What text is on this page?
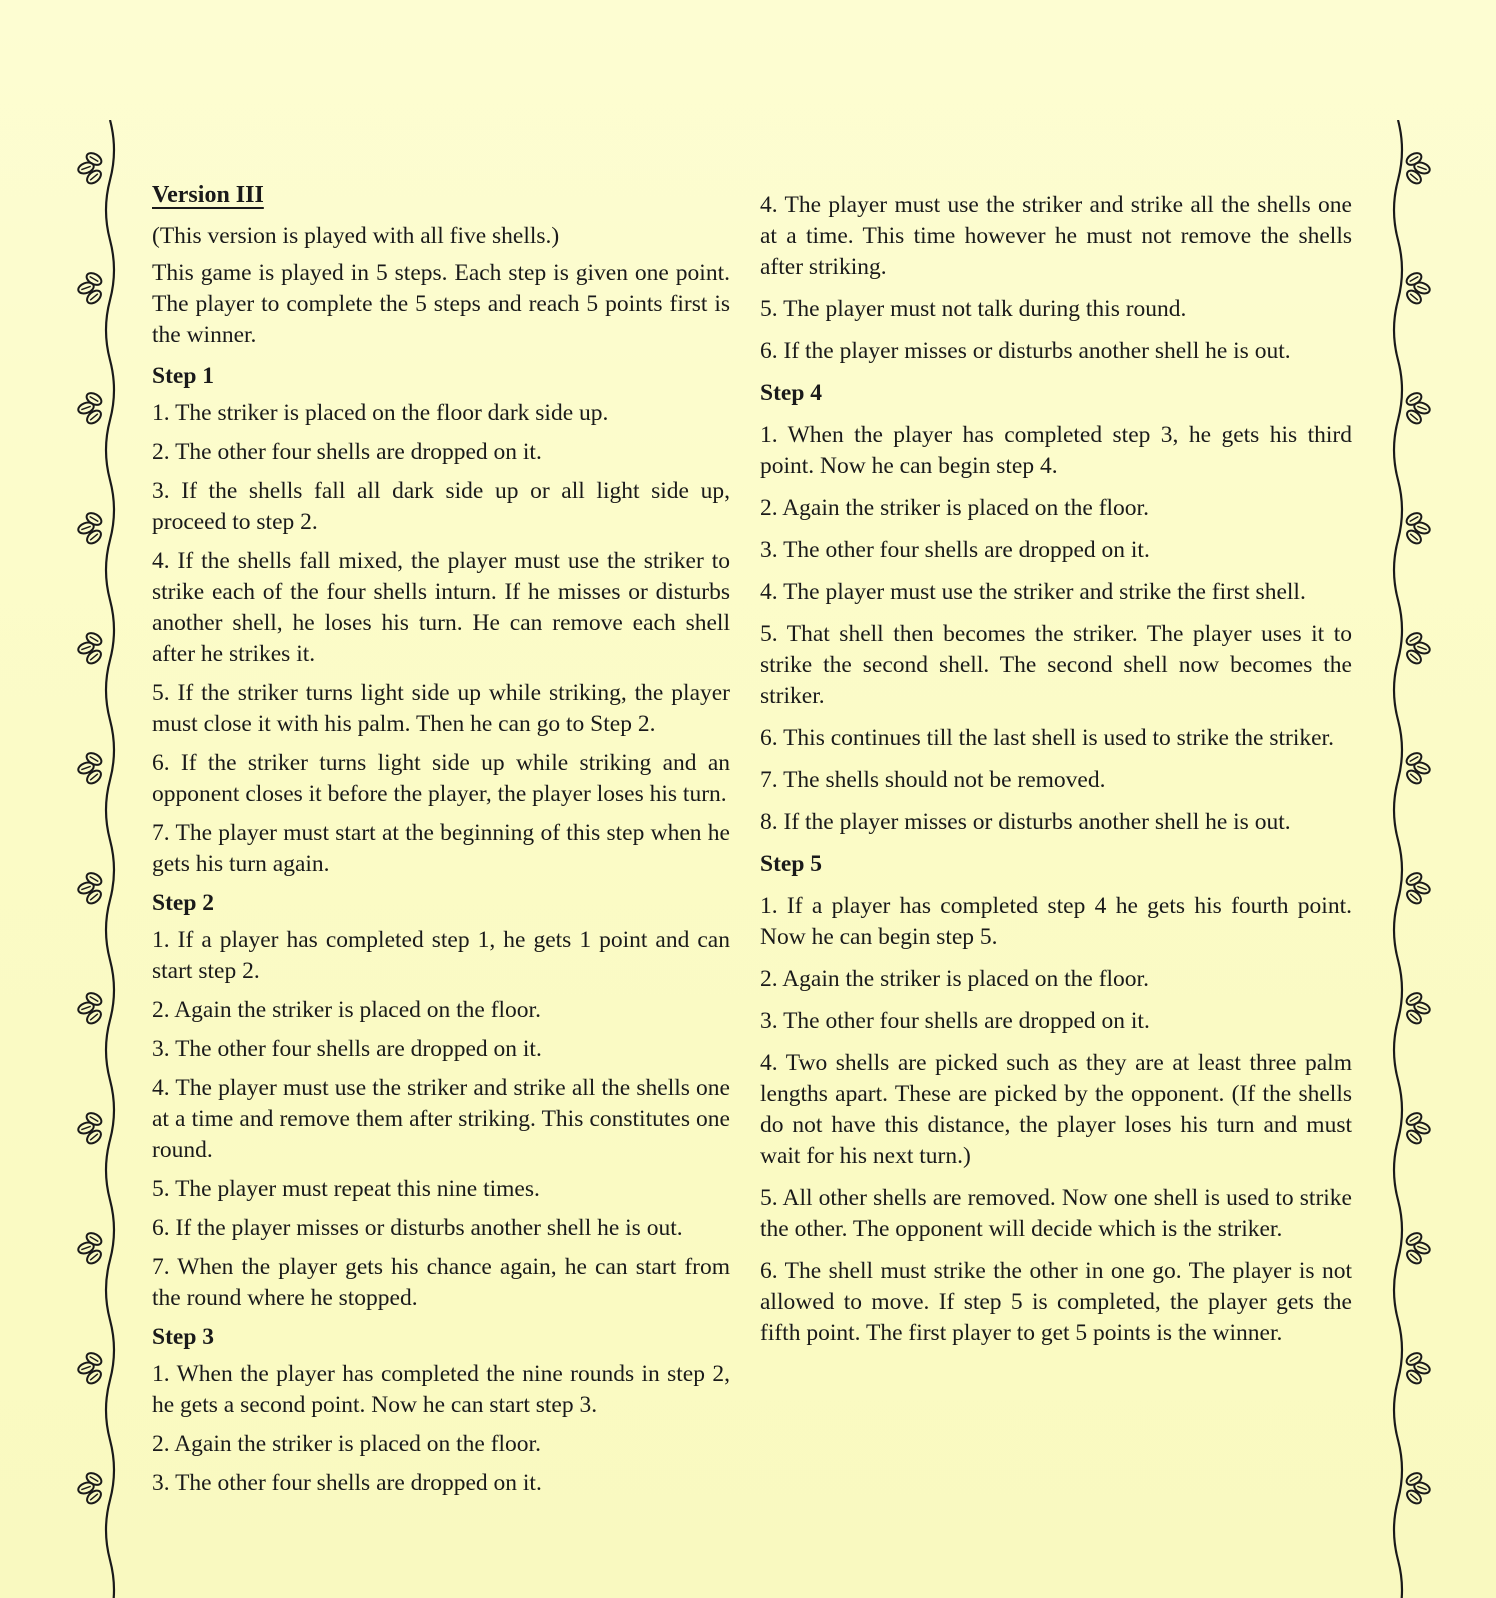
Version III

(This version is played with all five shells.)

This game is played in 5 steps. Each step is given one point. The player to complete the 5 steps and reach 5 points first is the winner.

Step 1

1. The striker is placed on the floor dark side up.

2. The other four shells are dropped on it.

3. If the shells fall all dark side up or all light side up, proceed to step 2.

4. If the shells fall mixed, the player must use the striker to strike each of the four shells inturn. If he misses or disturbs another shell, he loses his turn. He can remove each shell after he strikes it.

5. If the striker turns light side up while striking, the player must close it with his palm. Then he can go to Step 2.

6. If the striker turns light side up while striking and an opponent closes it before the player, the player loses his turn.

7. The player must start at the beginning of this step when he gets his turn again.

Step 2

1. If a player has completed step 1, he gets 1 point and can start step 2.

2. Again the striker is placed on the floor.

3. The other four shells are dropped on it.

4. The player must use the striker and strike all the shells one at a time and remove them after striking. This constitutes one round.

5. The player must repeat this nine times.

6. If the player misses or disturbs another shell he is out.

7. When the player gets his chance again, he can start from the round where he stopped.

Step 3

1. When the player has completed the nine rounds in step 2, he gets a second point. Now he can start step 3.

2. Again the striker is placed on the floor.

3. The other four shells are dropped on it.

4. The player must use the striker and strike all the shells one at a time. This time however he must not remove the shells after striking.

5. The player must not talk during this round.

6. If the player misses or disturbs another shell he is out.

Step 4

1. When the player has completed step 3, he gets his third point. Now he can begin step 4.

2. Again the striker is placed on the floor.

3. The other four shells are dropped on it.

4. The player must use the striker and strike the first shell.

5. That shell then becomes the striker. The player uses it to strike the second shell. The second shell now becomes the striker.

6. This continues till the last shell is used to strike the striker.

7. The shells should not be removed.

8. If the player misses or disturbs another shell he is out.

Step 5

1. If a player has completed step 4 he gets his fourth point. Now he can begin step 5.

2. Again the striker is placed on the floor.

3. The other four shells are dropped on it.

4. Two shells are picked such as they are at least three palm lengths apart. These are picked by the opponent. (If the shells do not have this distance, the player loses his turn and must wait for his next turn.)

5. All other shells are removed. Now one shell is used to strike the other. The opponent will decide which is the striker.

6. The shell must strike the other in one go. The player is not allowed to move. If step 5 is completed, the player gets the fifth point. The first player to get 5 points is the winner.
